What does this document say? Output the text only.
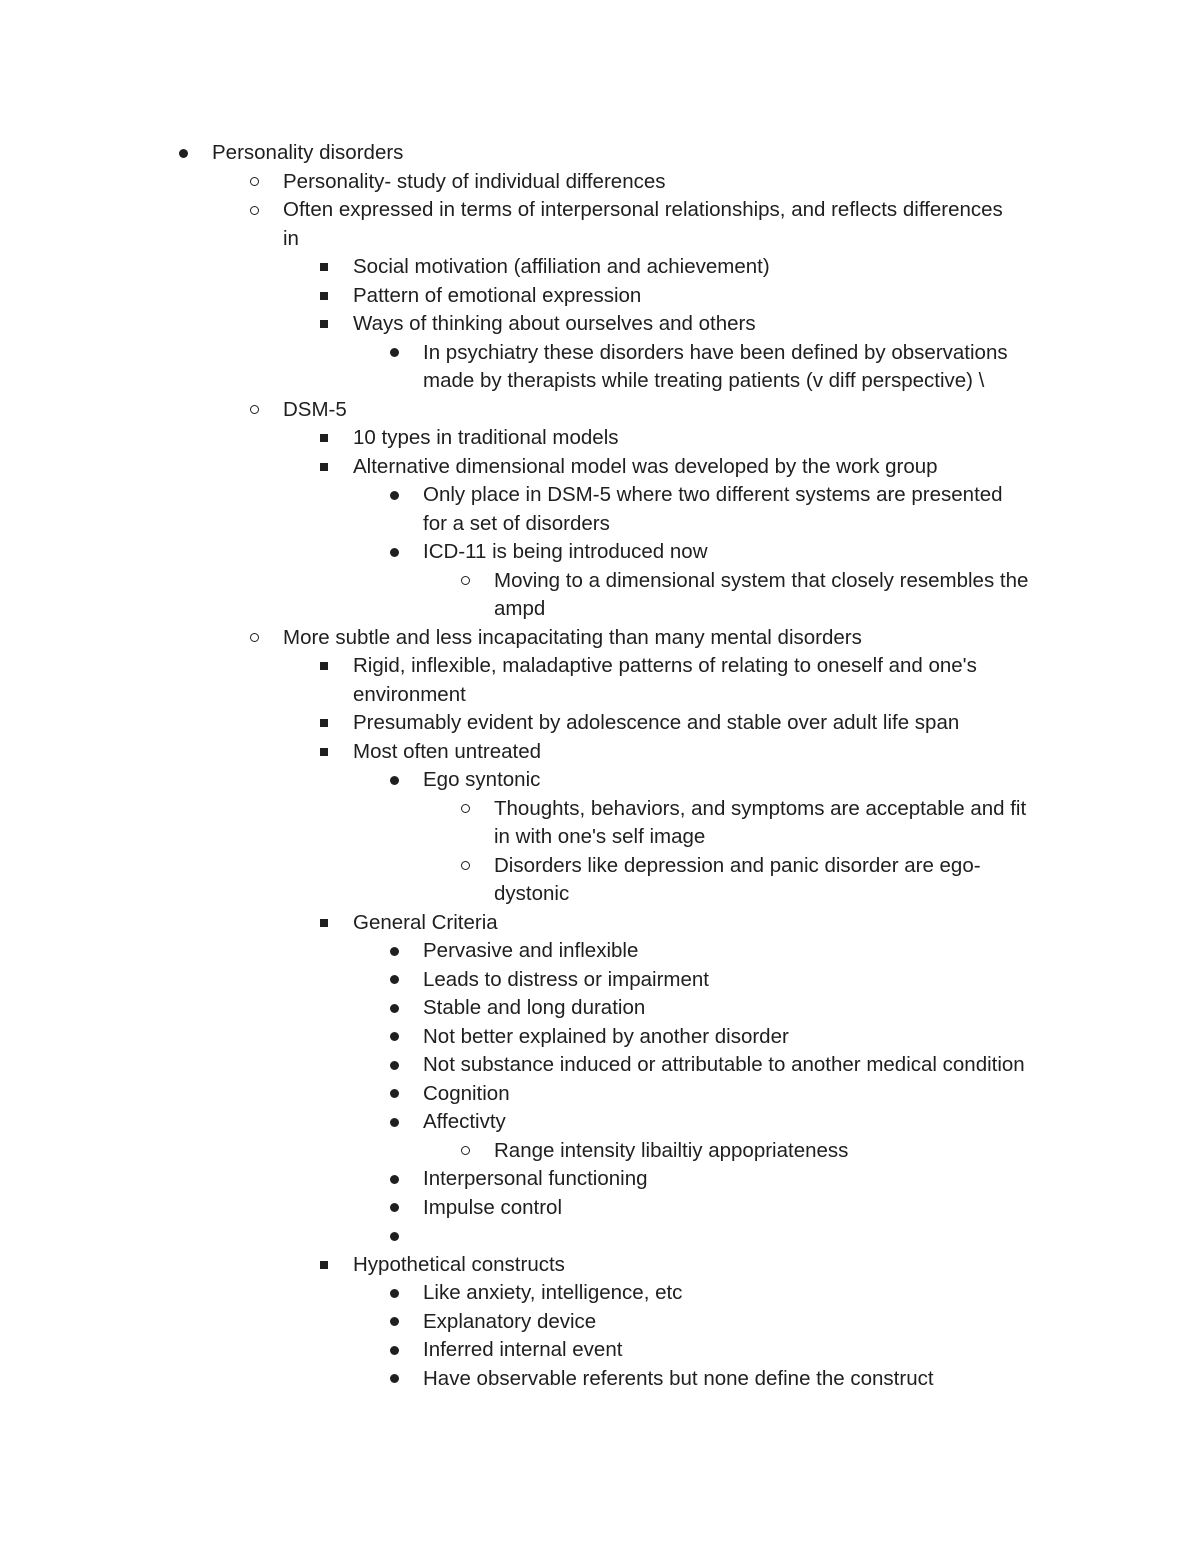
Personality disorders
Personality- study of individual differences
Often expressed in terms of interpersonal relationships, and reflects differences
in
Social motivation (affiliation and achievement)
Pattern of emotional expression
Ways of thinking about ourselves and others
In psychiatry these disorders have been defined by observations
made by therapists while treating patients (v diff perspective) \
DSM-5
10 types in traditional models
Alternative dimensional model was developed by the work group
Only place in DSM-5 where two different systems are presented
for a set of disorders
ICD-11 is being introduced now
Moving to a dimensional system that closely resembles the
ampd
More subtle and less incapacitating than many mental disorders
Rigid, inflexible, maladaptive patterns of relating to oneself and one's
environment
Presumably evident by adolescence and stable over adult life span
Most often untreated
Ego syntonic
Thoughts, behaviors, and symptoms are acceptable and fit
in with one's self image
Disorders like depression and panic disorder are ego-
dystonic
General Criteria
Pervasive and inflexible
Leads to distress or impairment
Stable and long duration
Not better explained by another disorder
Not substance induced or attributable to another medical condition
Cognition
Affectivty
Range intensity libailtiy appopriateness
Interpersonal functioning
Impulse control

Hypothetical constructs
Like anxiety, intelligence, etc
Explanatory device
Inferred internal event
Have observable referents but none define the construct
